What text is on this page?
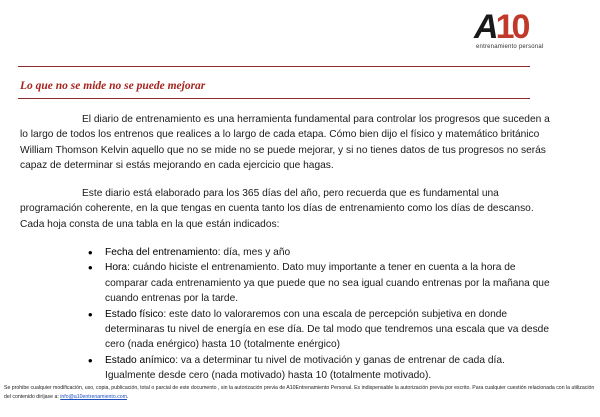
A10
entrenamiento personal
Lo que no se mide no se puede mejorar

El diario de entrenamiento es una herramienta fundamental para controlar los progresos que suceden a lo largo de todos los entrenos que realices a lo largo de cada etapa. Cómo bien dijo el físico y matemático británico William Thomson Kelvin aquello que no se mide no se puede mejorar, y si no tienes datos de tus progresos no serás capaz de determinar si estás mejorando en cada ejercicio que hagas.

Este diario está elaborado para los 365 días del año, pero recuerda que es fundamental una programación coherente, en la que tengas en cuenta tanto los días de entrenamiento como los días de descanso. Cada hoja consta de una tabla en la que están indicados:

• Fecha del entrenamiento: día, mes y año
• Hora: cuándo hiciste el entrenamiento. Dato muy importante a tener en cuenta a la hora de comparar cada entrenamiento ya que puede que no sea igual cuando entrenas por la mañana que cuando entrenas por la tarde.
• Estado físico: este dato lo valoraremos con una escala de percepción subjetiva en donde determinaras tu nivel de energía en ese día. De tal modo que tendremos una escala que va desde cero (nada enérgico) hasta 10 (totalmente enérgico)
• Estado anímico: va a determinar tu nivel de motivación y ganas de entrenar de cada día. Igualmente desde cero (nada motivado) hasta 10 (totalmente motivado).
Se prohibe cualquier modificación, uso, copia, publicación, total o parcial de este documento , sin la autorización previa de A10Entrenamiento Personal. Es indispensable la autorización previa por escrito. Para cualquier cuestión relacionada con la utilización del contenido diríjase a: info@a10entrenamiento.com.
